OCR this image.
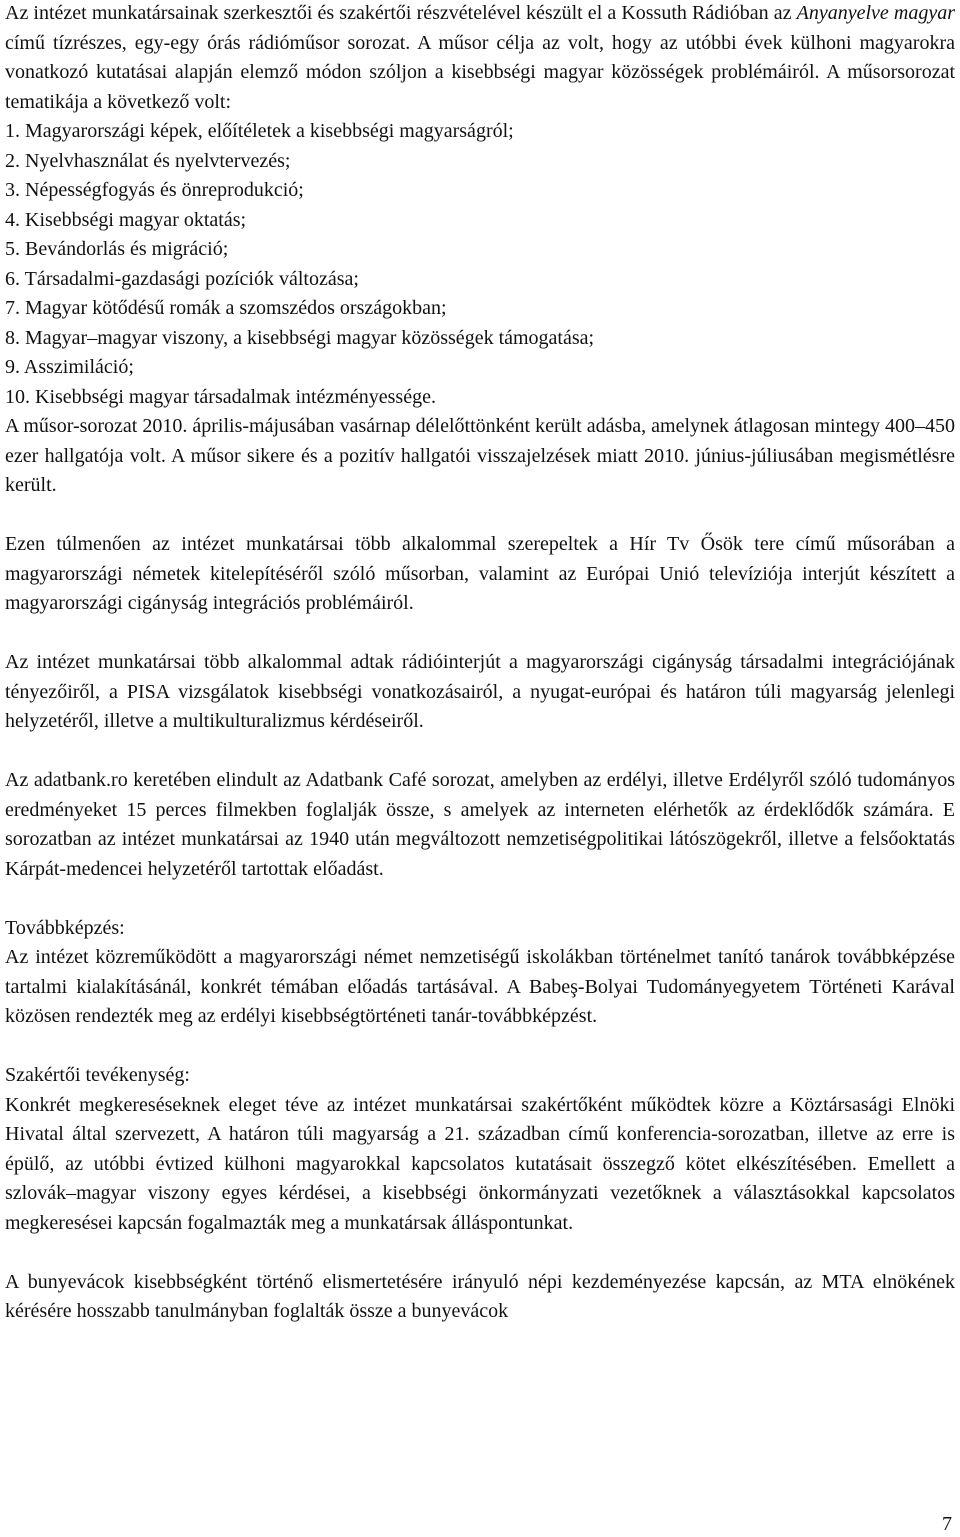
Az intézet munkatársainak szerkesztői és szakértői részvételével készült el a Kossuth Rádióban az Anyanyelve magyar című tízrészes, egy-egy órás rádióműsor sorozat. A műsor célja az volt, hogy az utóbbi évek külhoni magyarokra vonatkozó kutatásai alapján elemző módon szóljon a kisebbségi magyar közösségek problémáiról. A műsorsorozat tematikája a következő volt:

1. Magyarországi képek, előítéletek a kisebbségi magyarságról;
2. Nyelvhasználat és nyelvtervezés;
3. Népességfogyás és önreprodukció;
4. Kisebbségi magyar oktatás;
5. Bevándorlás és migráció;
6. Társadalmi-gazdasági pozíciók változása;
7. Magyar kötődésű romák a szomszédos országokban;
8. Magyar–magyar viszony, a kisebbségi magyar közösségek támogatása;
9. Asszimiláció;
10. Kisebbségi magyar társadalmak intézményessége.

A műsor-sorozat 2010. április-májusában vasárnap délelőttönként került adásba, amelynek átlagosan mintegy 400–450 ezer hallgatója volt. A műsor sikere és a pozitív hallgatói visszajelzések miatt 2010. június-júliusában megismétlésre került.

Ezen túlmenően az intézet munkatársai több alkalommal szerepeltek a Hír Tv Ősök tere című műsorában a magyarországi németek kitelepítéséről szóló műsorban, valamint az Európai Unió televíziója interjút készített a magyarországi cigányság integrációs problémáiról.

Az intézet munkatársai több alkalommal adtak rádióinterjút a magyarországi cigányság társadalmi integrációjának tényezőiről, a PISA vizsgálatok kisebbségi vonatkozásairól, a nyugat-európai és határon túli magyarság jelenlegi helyzetéről, illetve a multikulturalizmus kérdéseiről.

Az adatbank.ro keretében elindult az Adatbank Café sorozat, amelyben az erdélyi, illetve Erdélyről szóló tudományos eredményeket 15 perces filmekben foglalják össze, s amelyek az interneten elérhetők az érdeklődők számára. E sorozatban az intézet munkatársai az 1940 után megváltozott nemzetiségpolitikai látószögekről, illetve a felsőoktatás Kárpát-medencei helyzetéről tartottak előadást.

Továbbképzés:

Az intézet közreműködött a magyarországi német nemzetiségű iskolákban történelmet tanító tanárok továbbképzése tartalmi kialakításánál, konkrét témában előadás tartásával. A Babeş-Bolyai Tudományegyetem Történeti Karával közösen rendezték meg az erdélyi kisebbségtörténeti tanár-továbbképzést.

Szakértői tevékenység:

Konkrét megkereséseknek eleget téve az intézet munkatársai szakértőként működtek közre a Köztársasági Elnöki Hivatal által szervezett, A határon túli magyarság a 21. században című konferencia-sorozatban, illetve az erre is épülő, az utóbbi évtized külhoni magyarokkal kapcsolatos kutatásait összegző kötet elkészítésében. Emellett a szlovák–magyar viszony egyes kérdései, a kisebbségi önkormányzati vezetőknek a választásokkal kapcsolatos megkeresései kapcsán fogalmazták meg a munkatársak álláspontunkat.

A bunyevácok kisebbségként történő elismertetésére irányuló népi kezdeményezése kapcsán, az MTA elnökének kérésére hosszabb tanulmányban foglalták össze a bunyevácok

7
